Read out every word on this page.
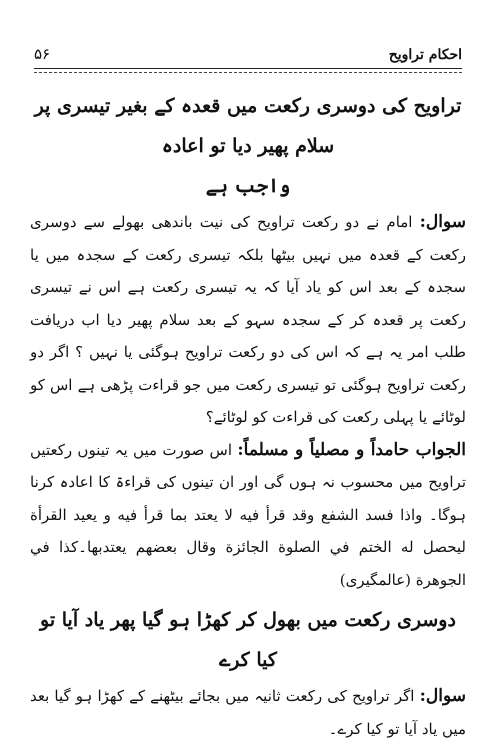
۵۶	احکام تراویح

تراویح کی دوسری رکعت میں قعدہ کے بغیر تیسری پر سلام پھیر دیا تو اعادہ
واجب ہے

سوال: امام نے دو رکعت تراویح کی نیت باندھی بھولے سے دوسری رکعت کے قعدہ میں نہیں بیٹھا بلکہ تیسری رکعت کے سجدہ میں یا سجدہ کے بعد اس کو یاد آیا کہ یہ تیسری رکعت ہے اس نے تیسری رکعت پر قعدہ کر کے سجدہ سہو کے بعد سلام پھیر دیا اب دریافت طلب امر یہ ہے کہ اس کی دو رکعت تراویح ہوگئی یا نہیں ؟ اگر دو رکعت تراویح ہوگئی تو تیسری رکعت میں جو قراءت پڑھی ہے اس کو لوٹائے یا پہلی رکعت کی قراءت کو لوٹائے؟

الجواب حامداً و مصلیاً و مسلماً: اس صورت میں یہ تینوں رکعتیں تراویح میں محسوب نہ ہوں گی اور ان تینوں کی قراءۃ کا اعادہ کرنا ہوگا۔ واذا فسد الشفع وقد قرأ فيه لا يعتد بما قرأ فيه و يعيد القرأة ليحصل له الختم في الصلوة الجائزة وقال بعضهم يعتدبها۔كذا في الجوهرة (عالمگیری)

دوسری رکعت میں بھول کر کھڑا ہو گیا پھر یاد آیا تو کیا کرے

سوال: اگر تراویح کی رکعت ثانیہ میں بجائے بیٹھنے کے کھڑا ہو گیا بعد میں یاد آیا تو کیا کرے۔
